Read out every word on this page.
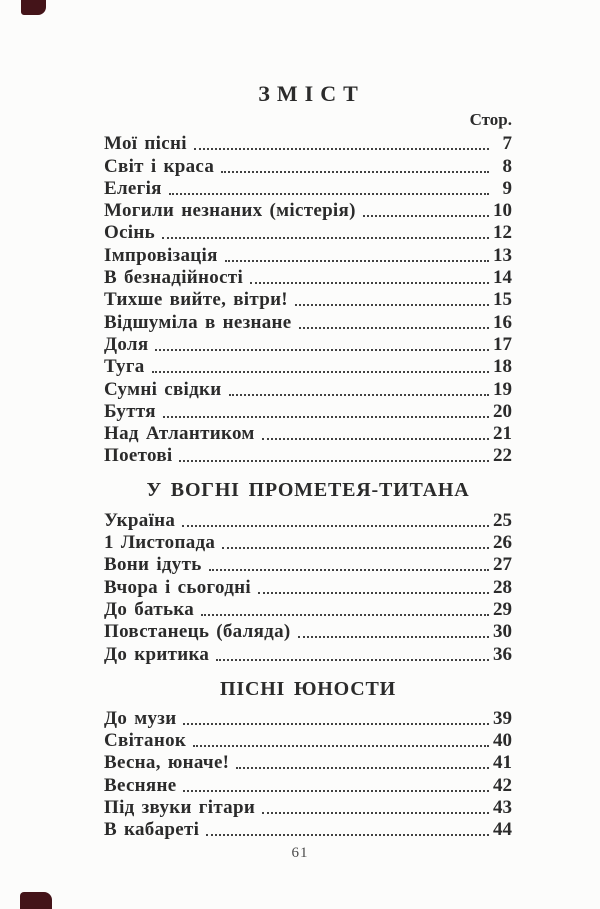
ЗМІСТ
Стор.
Мої пісні	7
Світ і краса	8
Елегія	9
Могили незнаних (містерія)	10
Осінь	12
Імпровізація	13
В безнадійності	14
Тихше вийте, вітри!	15
Відшуміла в незнане	16
Доля	17
Туга	18
Сумні свідки	19
Буття	20
Над Атлантиком	21
Поетові	22
У ВОГНІ ПРОМЕТЕЯ-ТИТАНА
Україна	25
1 Листопада	26
Вони ідуть	27
Вчора і сьогодні	28
До батька	29
Повстанець (баляда)	30
До критика	36
ПІСНІ ЮНОСТИ
До музи	39
Світанок	40
Весна, юначе!	41
Весняне	42
Під звуки гітари	43
В кабареті	44
61
